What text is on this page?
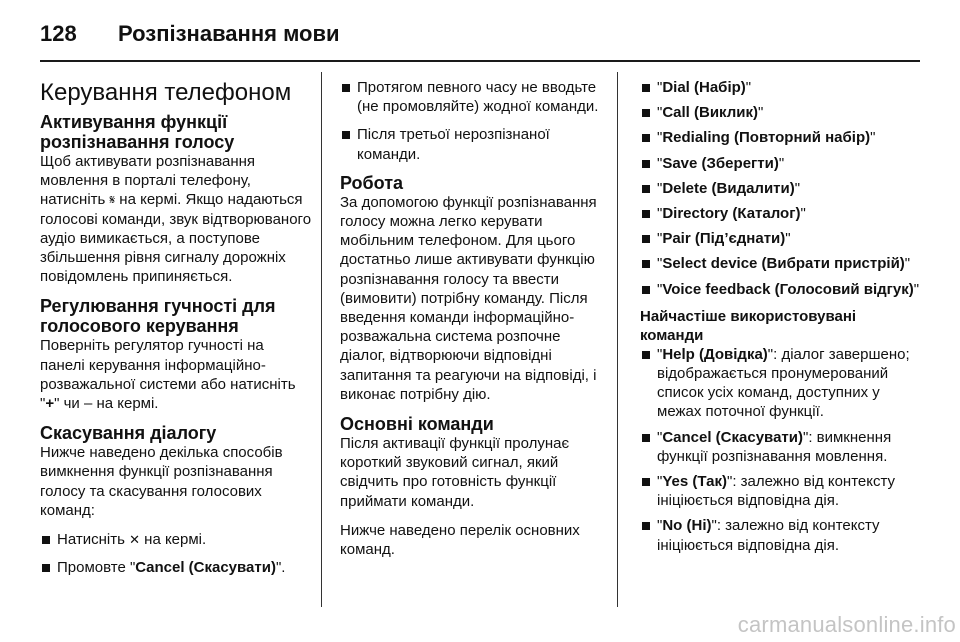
128	Розпізнавання мови
Керування телефоном
Активування функції розпізнавання голосу

Щоб активувати розпізнавання мовлення в порталі телефону, натисніть 𝄋 на кермі. Якщо надаються голосові команди, звук відтворюваного аудіо вимикається, а поступове збільшення рівня сигналу дорожніх повідомлень припиняється.

Регулювання гучності для голосового керування

Поверніть регулятор гучності на панелі керування інформаційно-розважальної системи або натисніть "+" чи – на кермі.

Скасування діалогу

Нижче наведено декілька способів вимкнення функції розпізнавання голосу та скасування голосових команд:

Натисніть ✕ на кермі.
Промовте "Cancel (Скасувати)".
Протягом певного часу не вводьте (не промовляйте) жодної команди.
Після третьої нерозпізнаної команди.
Робота

За допомогою функції розпізнавання голосу можна легко керувати мобільним телефоном. Для цього достатньо лише активувати функцію розпізнавання голосу та ввести (вимовити) потрібну команду. Після введення команди інформаційно-розважальна система розпочне діалог, відтворюючи відповідні запитання та реагуючи на відповіді, і виконає потрібну дію.

Основні команди

Після активації функції пролунає короткий звуковий сигнал, який свідчить про готовність функції приймати команди.

Нижче наведено перелік основних команд.

"Dial (Набір)"
"Call (Виклик)"
"Redialing (Повторний набір)"
"Save (Зберегти)"
"Delete (Видалити)"
"Directory (Каталог)"
"Pair (Під’єднати)"
"Select device (Вибрати пристрій)"
"Voice feedback (Голосовий відгук)"
Найчастіше використовувані команди
"Help (Довідка)": діалог завершено; відображається пронумерований список усіх команд, доступних у межах поточної функції.
"Cancel (Скасувати)": вимкнення функції розпізнавання мовлення.
"Yes (Так)": залежно від контексту ініціюється відповідна дія.
"No (Ні)": залежно від контексту ініціюється відповідна дія.
carmanualsonline.info
